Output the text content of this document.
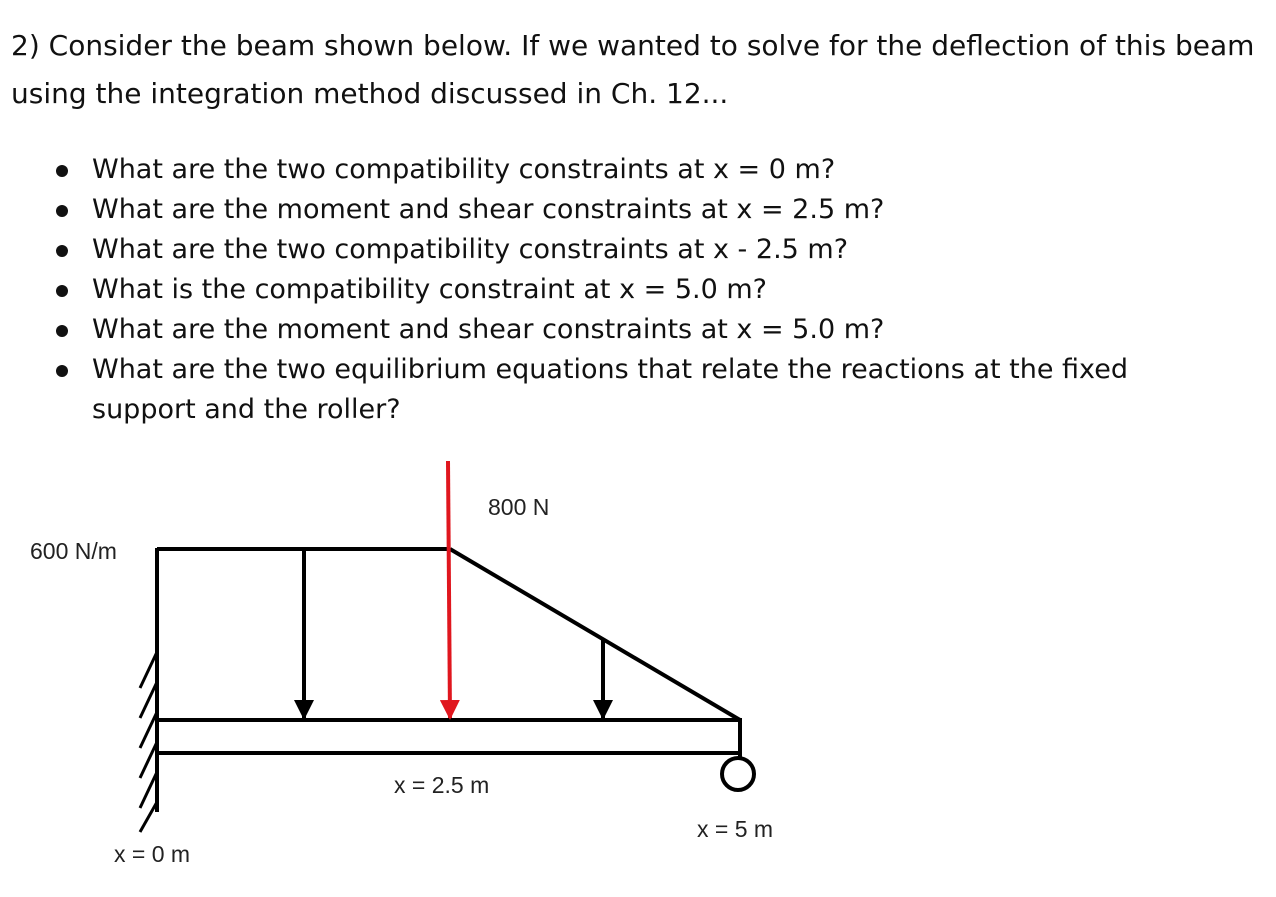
2) Consider the beam shown below. If we wanted to solve for the deflection of this beam using the integration method discussed in Ch. 12...

What are the two compatibility constraints at x = 0 m?
What are the moment and shear constraints at x = 2.5 m?
What are the two compatibility constraints at x - 2.5 m?
What is the compatibility constraint at x = 5.0 m?
What are the moment and shear constraints at x = 5.0 m?
What are the two equilibrium equations that relate the reactions at the fixed support and the roller?
600 N/m
800 N
x = 2.5 m
x = 5 m
x = 0 m
